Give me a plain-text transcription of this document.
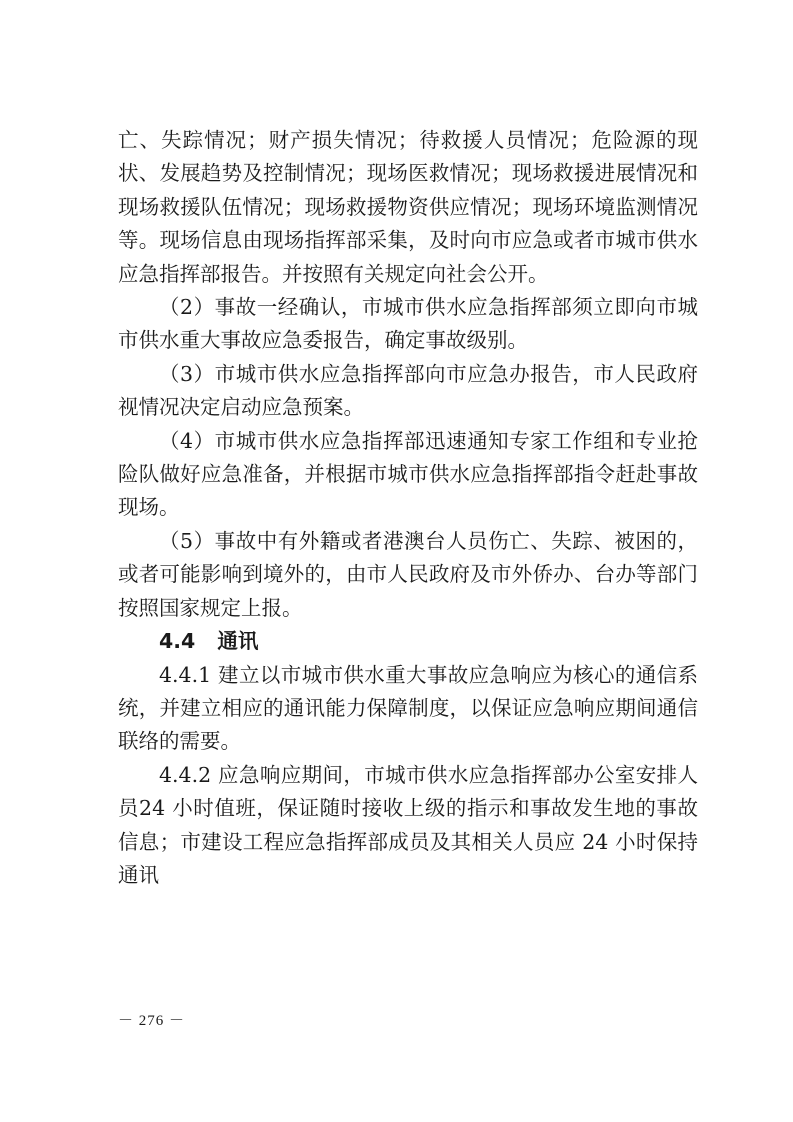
亡、失踪情况；财产损失情况；待救援人员情况；危险源的现状、发展趋势及控制情况；现场医救情况；现场救援进展情况和现场救援队伍情况；现场救援物资供应情况；现场环境监测情况等。现场信息由现场指挥部采集，及时向市应急或者市城市供水应急指挥部报告。并按照有关规定向社会公开。

（2）事故一经确认，市城市供水应急指挥部须立即向市城市供水重大事故应急委报告，确定事故级别。

（3）市城市供水应急指挥部向市应急办报告，市人民政府视情况决定启动应急预案。

（4）市城市供水应急指挥部迅速通知专家工作组和专业抢险队做好应急准备，并根据市城市供水应急指挥部指令赶赴事故现场。

（5）事故中有外籍或者港澳台人员伤亡、失踪、被困的，或者可能影响到境外的，由市人民政府及市外侨办、台办等部门按照国家规定上报。

4.4 通讯

4.4.1 建立以市城市供水重大事故应急响应为核心的通信系统，并建立相应的通讯能力保障制度，以保证应急响应期间通信联络的需要。

4.4.2 应急响应期间，市城市供水应急指挥部办公室安排人员24 小时值班，保证随时接收上级的指示和事故发生地的事故信息；市建设工程应急指挥部成员及其相关人员应 24 小时保持通讯

－ 276 －
